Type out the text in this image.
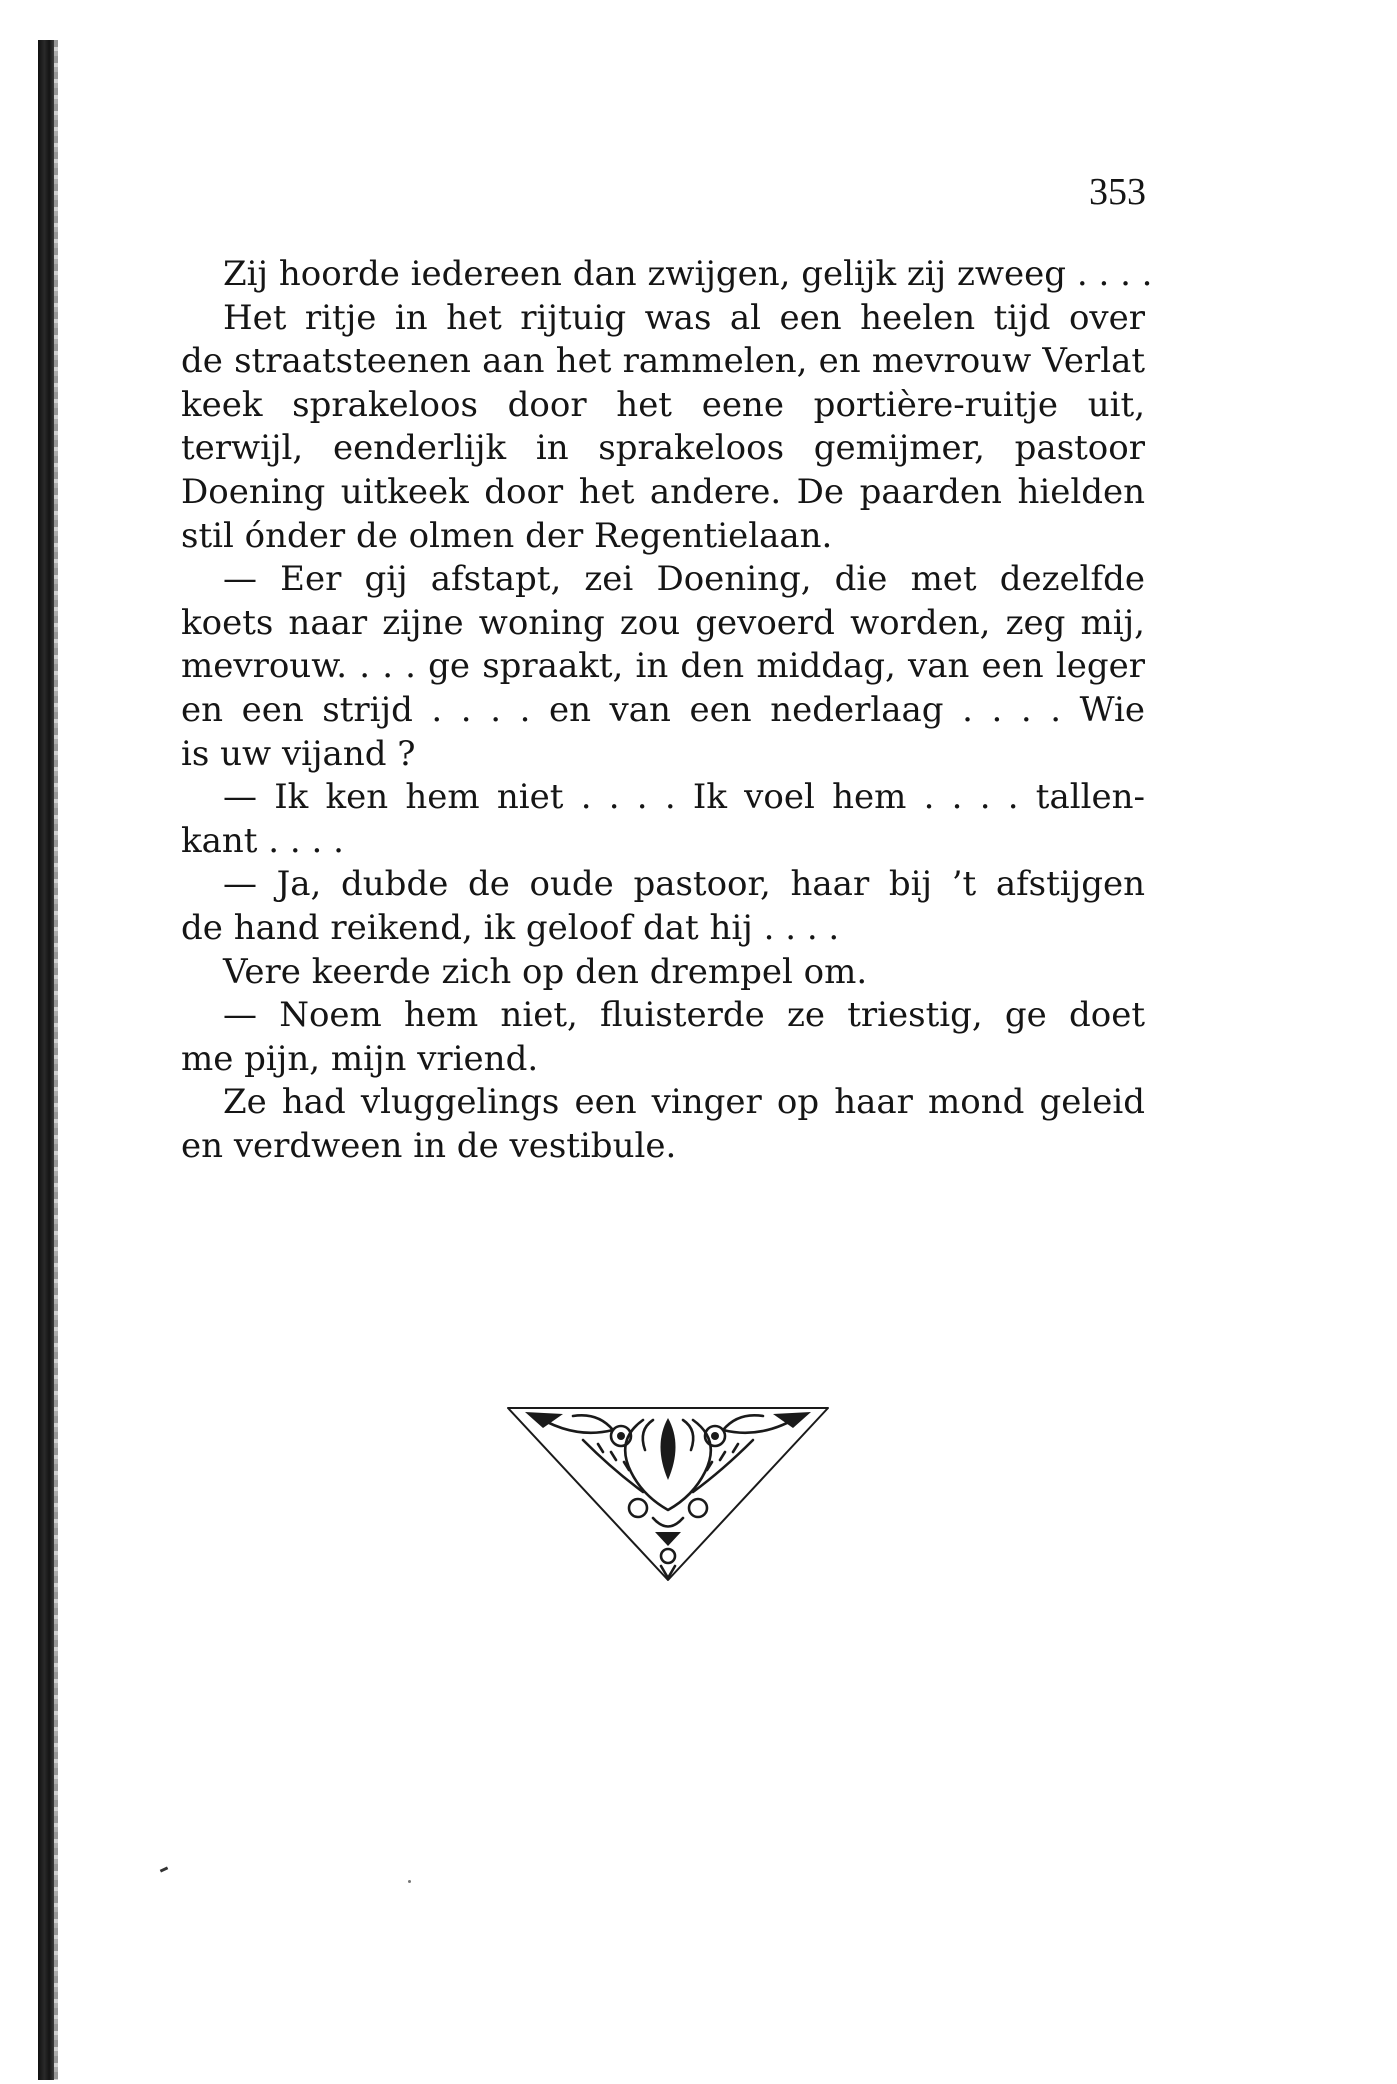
353
Zij hoorde iedereen dan zwijgen, gelijk zij zweeg . . . .
Het ritje in het rijtuig was al een heelen tijd over
de straatsteenen aan het rammelen, en mevrouw Verlat
keek sprakeloos door het eene portière-ruitje uit,
terwijl, eenderlijk in sprakeloos gemijmer, pastoor
Doening uitkeek door het andere. De paarden hielden
stil ónder de olmen der Regentielaan.
— Eer gij afstapt, zei Doening, die met dezelfde
koets naar zijne woning zou gevoerd worden, zeg mij,
mevrouw. . . . ge spraakt, in den middag, van een leger
en een strijd . . . . en van een nederlaag . . . . Wie
is uw vijand ?
— Ik ken hem niet . . . . Ik voel hem . . . . tallen-
kant . . . .
— Ja, dubde de oude pastoor, haar bij ’t afstijgen
de hand reikend, ik geloof dat hij . . . .
Vere keerde zich op den drempel om.
— Noem hem niet, fluisterde ze triestig, ge doet
me pijn, mijn vriend.
Ze had vluggelings een vinger op haar mond geleid
en verdween in de vestibule.
